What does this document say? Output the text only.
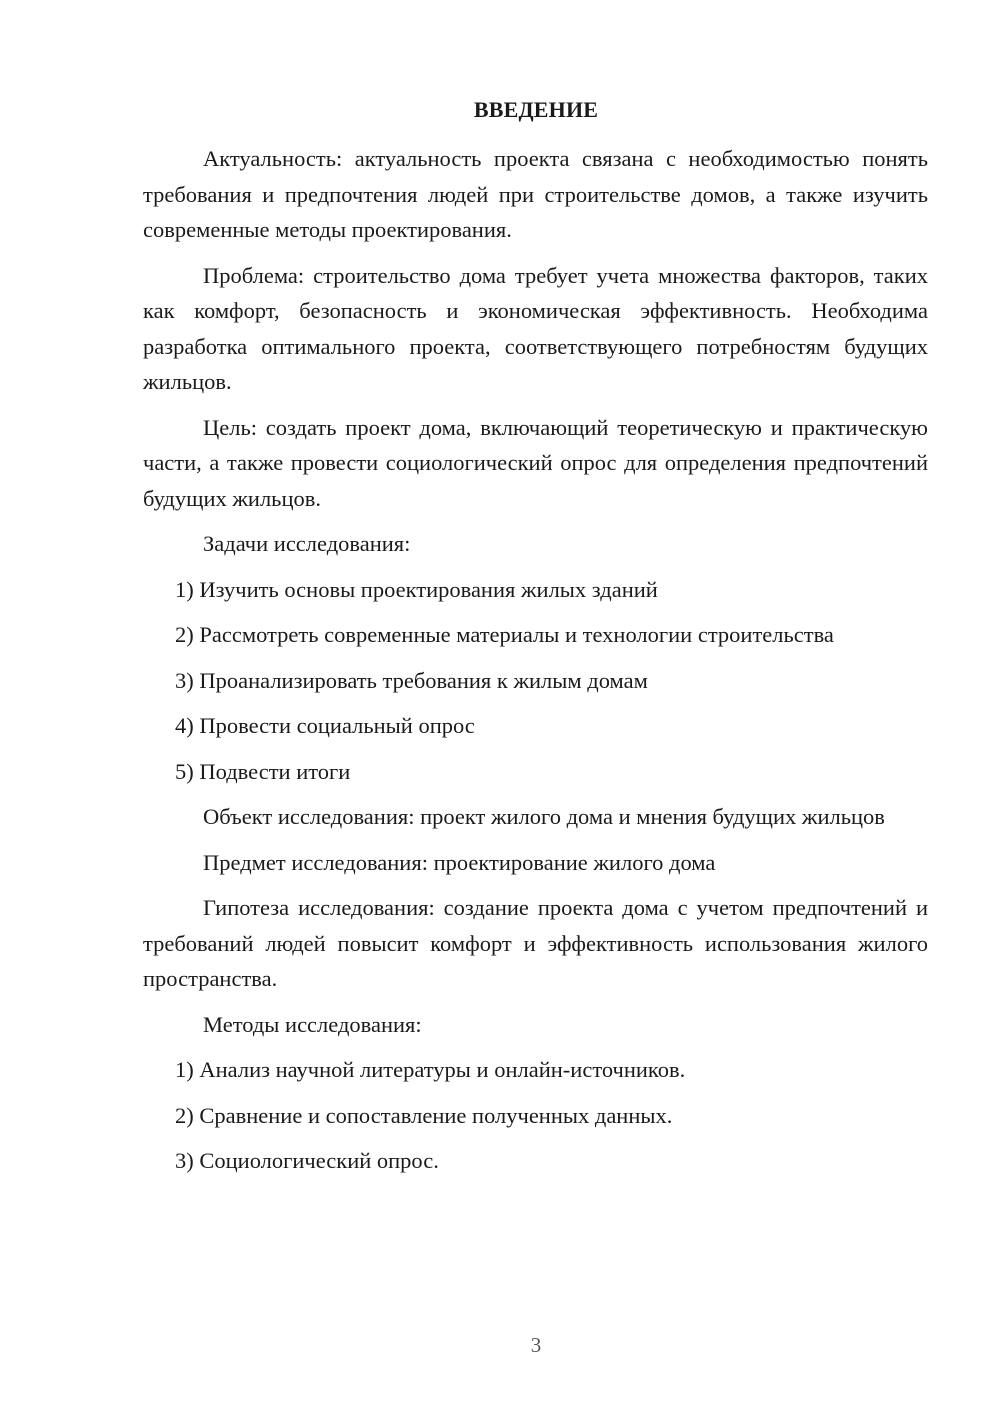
ВВЕДЕНИЕ

Актуальность: актуальность проекта связана с необходимостью понять требования и предпочтения людей при строительстве домов, а также изучить современные методы проектирования.

Проблема: строительство дома требует учета множества факторов, таких как комфорт, безопасность и экономическая эффективность. Необходима разработка оптимального проекта, соответствующего потребностям будущих жильцов.

Цель: создать проект дома, включающий теоретическую и практическую части, а также провести социологический опрос для определения предпочтений будущих жильцов.

Задачи исследования:

1) Изучить основы проектирования жилых зданий
2) Рассмотреть современные материалы и технологии строительства
3) Проанализировать требования к жилым домам
4) Провести социальный опрос
5) Подвести итоги

Объект исследования: проект жилого дома и мнения будущих жильцов

Предмет исследования: проектирование жилого дома

Гипотеза исследования: создание проекта дома с учетом предпочтений и требований людей повысит комфорт и эффективность использования жилого пространства.

Методы исследования:

1) Анализ научной литературы и онлайн-источников.
2) Сравнение и сопоставление полученных данных.
3) Социологический опрос.
3
